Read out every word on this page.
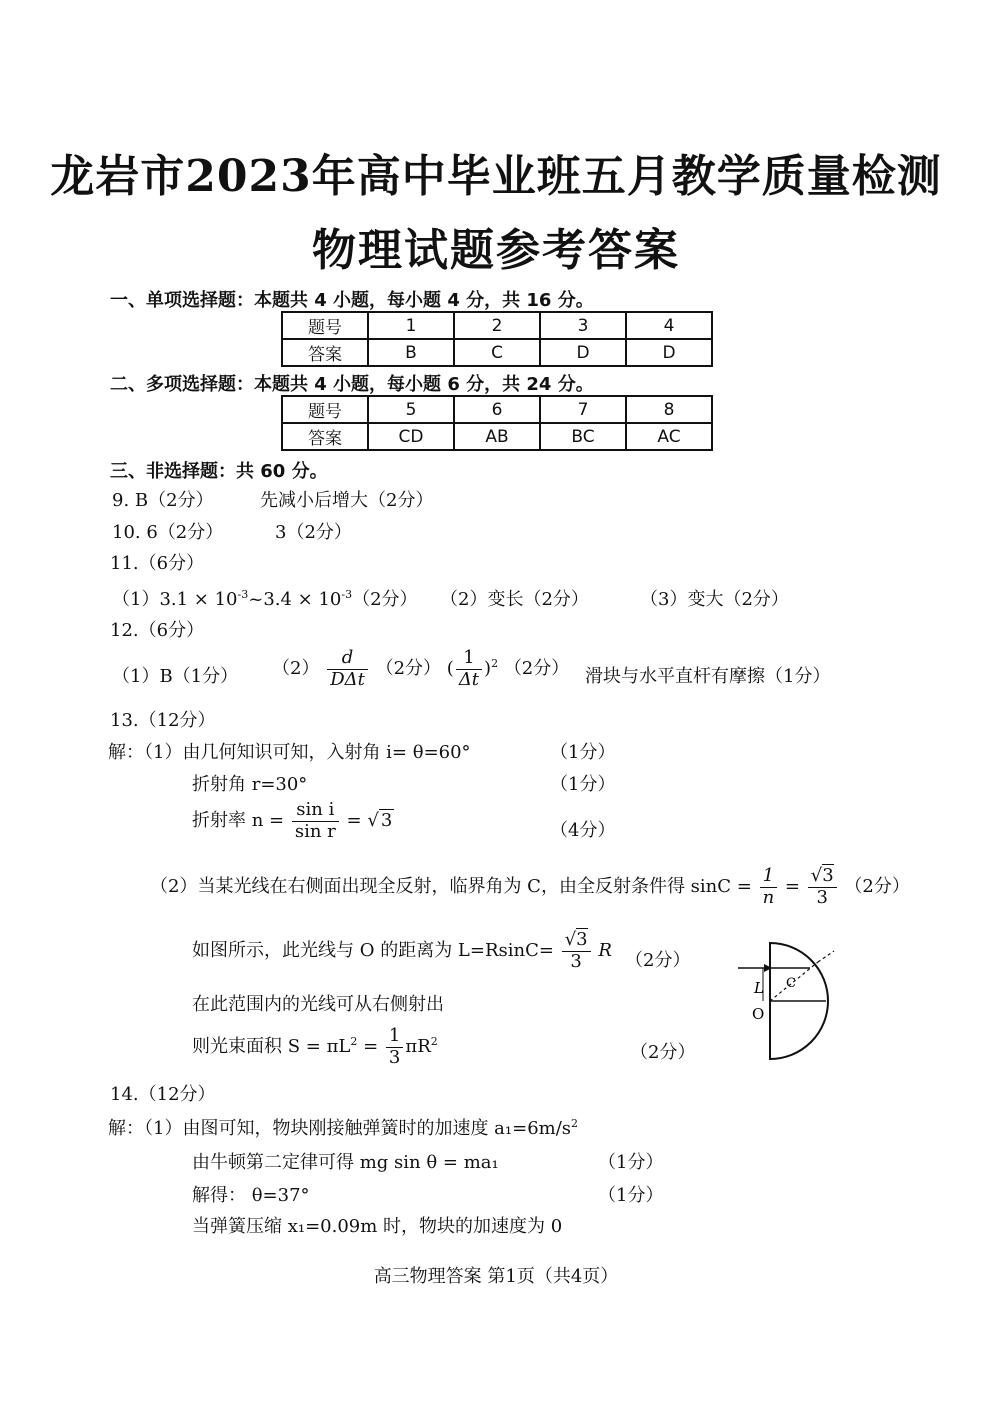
龙岩市2023年高中毕业班五月教学质量检测
物理试题参考答案
一、单项选择题：本题共 4 小题，每小题 4 分，共 16 分。
题号	1	2	3	4
答案	B	C	D	D
二、多项选择题：本题共 4 小题，每小题 6 分，共 24 分。
题号	5	6	7	8
答案	CD	AB	BC	AC
三、非选择题：共 60 分。
9. B（2分）	先减小后增大（2分）
10. 6（2分）	3（2分）
11.（6分）
$(1)3.1 \times 10^{-3}\sim 3.4 \times 10^{-3}(2$分） （2）变长（2分）	（3）变大（2分）
12.（6分）
（1）B（1分） $(2) \frac{d}{\text{DΔt}} (2$分） ( $\frac{1}{\Delta t} )^2$ （2分） 滑块与水平直杆有摩擦（1分）
13.（12分）
解：（1）由几何知识可知，入射角 i= θ=60°	（1分）
折射角 r=30°	（1分）
折射率 $n = \frac{\text{sin i}}{\text{sin r}}$ = √ 3	（4分）
（2）当某光线在右侧面出现全反射，临界角为 C，由全反射条件得 $\sin C = \frac{1}{n} = \frac{√3}{3} (2$分）
如图所示，此光线与 O 的距离为 $L=RsinC= \frac{√3}{3}$ R （2分）
在此范围内的光线可从右侧射出
则光束面积 $S = \pi L^2 = \frac{1}{3} \pi R^2$
（2分）
L C
O
14.（12分）
解：（1）由图可知，物块刚接触弹簧时的加速度 $a_1=6m/s^2$
由牛顿第二定律可得 mg sin θ = ma₁	（1分）
解得： θ=37°	（1分）
当弹簧压缩 x₁=0.09m 时，物块的加速度为 0
高三物理答案 第1页（共4页）
